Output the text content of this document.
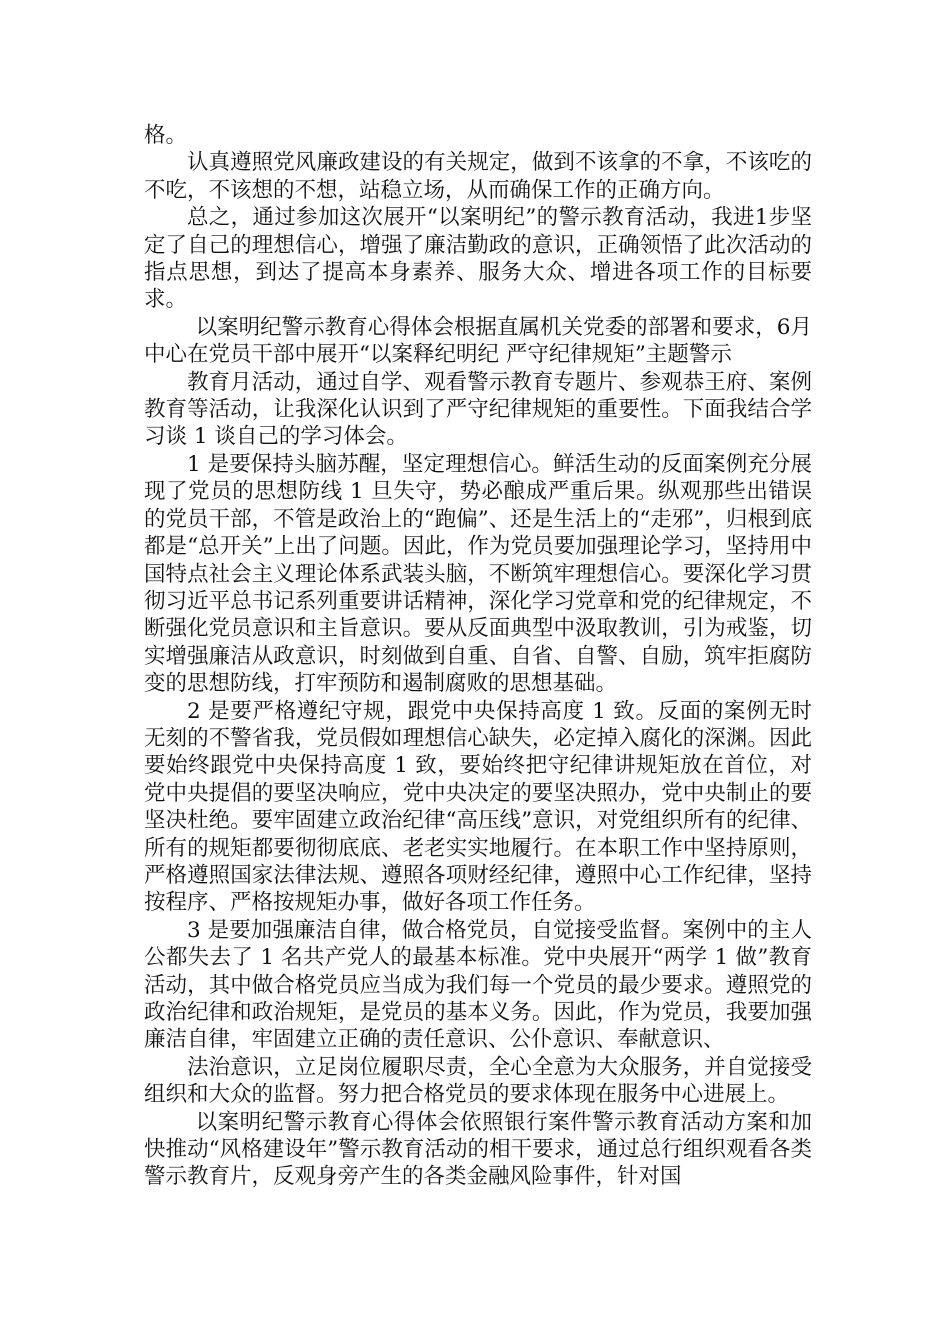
格。

认真遵照党风廉政建设的有关规定，做到不该拿的不拿，不该吃的不吃，不该想的不想，站稳立场，从而确保工作的正确方向。

总之，通过参加这次展开“以案明纪”的警示教育活动，我进1步坚定了自己的理想信心，增强了廉洁勤政的意识，正确领悟了此次活动的指点思想，到达了提高本身素养、服务大众、增进各项工作的目标要求。

以案明纪警示教育心得体会根据直属机关党委的部署和要求，6月中心在党员干部中展开“以案释纪明纪 严守纪律规矩”主题警示

教育月活动，通过自学、观看警示教育专题片、参观恭王府、案例教育等活动，让我深化认识到了严守纪律规矩的重要性。下面我结合学习谈 1 谈自己的学习体会。

1 是要保持头脑苏醒，坚定理想信心。鲜活生动的反面案例充分展现了党员的思想防线 1 旦失守，势必酿成严重后果。纵观那些出错误的党员干部，不管是政治上的“跑偏”、还是生活上的“走邪”，归根到底都是“总开关”上出了问题。因此，作为党员要加强理论学习，坚持用中国特点社会主义理论体系武装头脑，不断筑牢理想信心。要深化学习贯彻习近平总书记系列重要讲话精神，深化学习党章和党的纪律规定，不断强化党员意识和主旨意识。要从反面典型中汲取教训，引为戒鉴，切实增强廉洁从政意识，时刻做到自重、自省、自警、自励，筑牢拒腐防变的思想防线，打牢预防和遏制腐败的思想基础。

2 是要严格遵纪守规，跟党中央保持高度 1 致。反面的案例无时无刻的不警省我，党员假如理想信心缺失，必定掉入腐化的深渊。因此要始终跟党中央保持高度 1 致，要始终把守纪律讲规矩放在首位，对党中央提倡的要坚决响应，党中央决定的要坚决照办，党中央制止的要坚决杜绝。要牢固建立政治纪律“高压线”意识，对党组织所有的纪律、所有的规矩都要彻彻底底、老老实实地履行。在本职工作中坚持原则，严格遵照国家法律法规、遵照各项财经纪律，遵照中心工作纪律，坚持按程序、严格按规矩办事，做好各项工作任务。

3 是要加强廉洁自律，做合格党员，自觉接受监督。案例中的主人公都失去了 1 名共产党人的最基本标准。党中央展开“两学 1 做”教育活动，其中做合格党员应当成为我们每一个党员的最少要求。遵照党的政治纪律和政治规矩，是党员的基本义务。因此，作为党员，我要加强廉洁自律，牢固建立正确的责任意识、公仆意识、奉献意识、

法治意识，立足岗位履职尽责，全心全意为大众服务，并自觉接受组织和大众的监督。努力把合格党员的要求体现在服务中心进展上。

以案明纪警示教育心得体会依照银行案件警示教育活动方案和加快推动“风格建设年”警示教育活动的相干要求，通过总行组织观看各类警示教育片，反观身旁产生的各类金融风险事件，针对国
